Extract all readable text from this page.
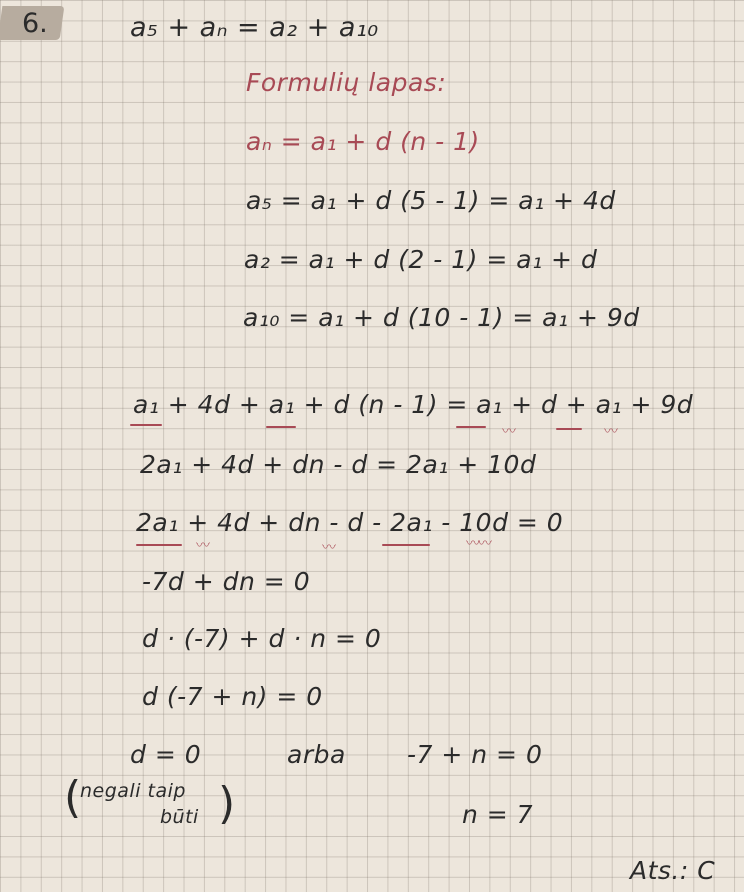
6.	a₅ + aₙ = a₂ + a₁₀
Formulių lapas:
aₙ = a₁ + d (n - 1)
a₅ = a₁ + d (5 - 1) = a₁ + 4d
a₂ = a₁ + d (2 - 1) = a₁ + d
a₁₀ = a₁ + d (10 - 1) = a₁ + 9d
a₁ + 4d + a₁ + d (n - 1) = a₁ + d + a₁ + 9d
〰	〰
2a₁ + 4d + dn - d = 2a₁ + 10d
2a₁ + 4d + dn - d - 2a₁ - 10d = 0
〰	〰	〰〰
-7d + dn = 0
d · (-7) + d · n = 0
d (-7 + n) = 0
d = 0	arba -7 + n = 0
(
negali taip
būti )	n = 7
Ats.: C
